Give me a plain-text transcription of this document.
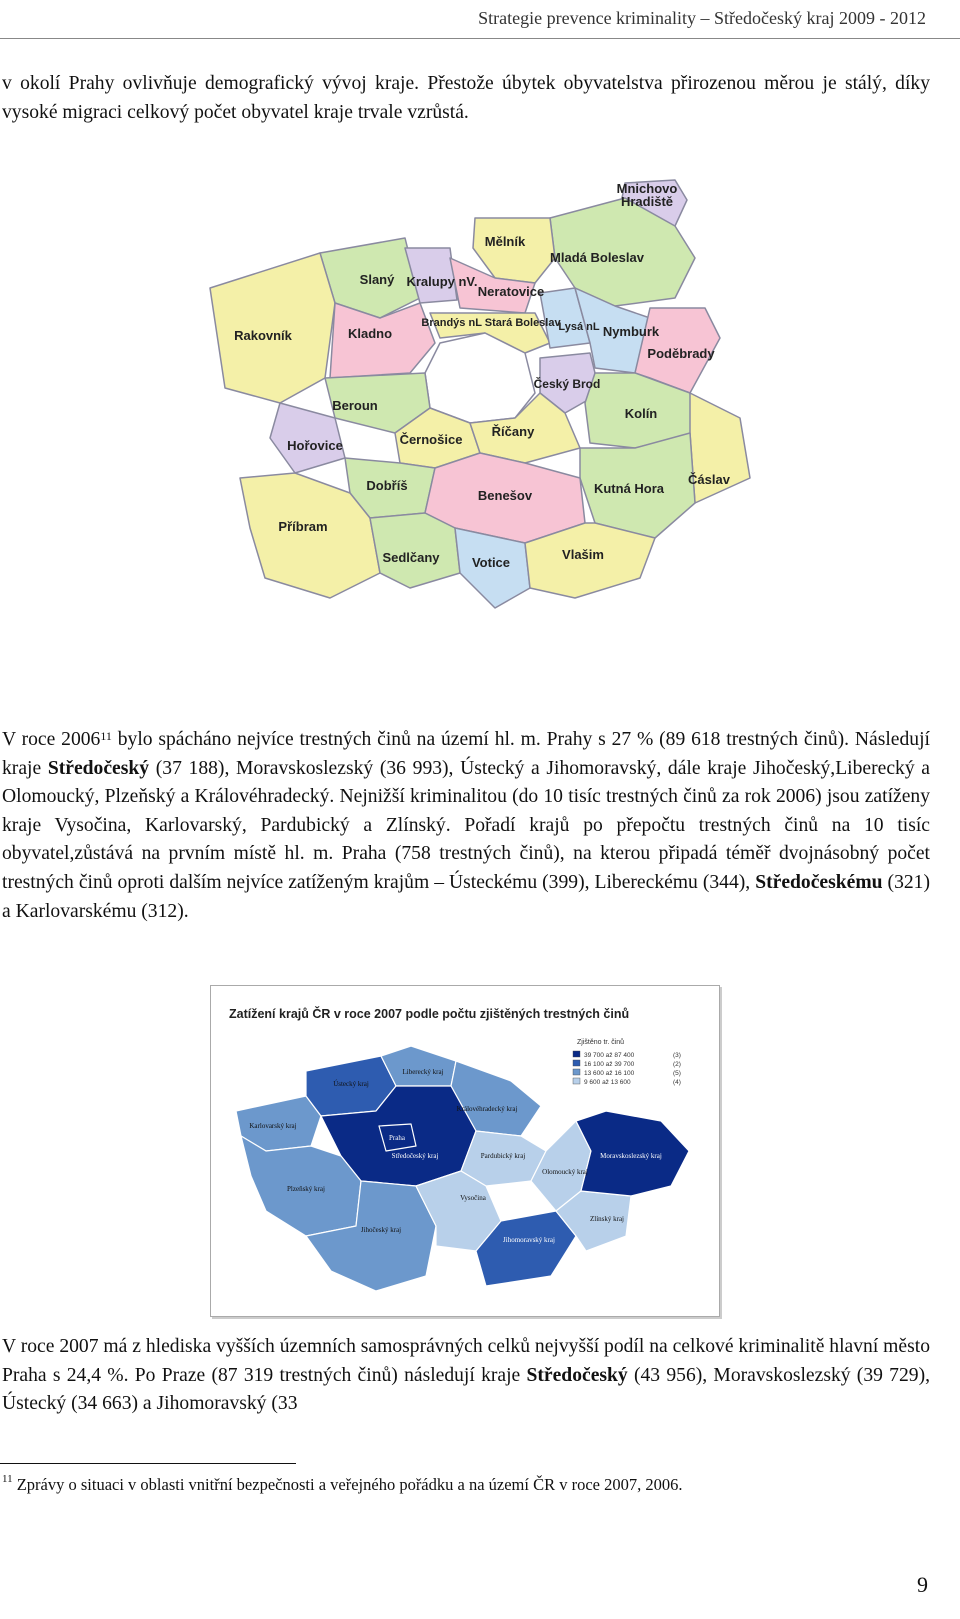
Strategie prevence kriminality – Středočeský kraj 2009 - 2012

v okolí Prahy ovlivňuje demografický vývoj kraje. Přestože úbytek obyvatelstva přirozenou měrou je stálý, díky vysoké migraci celkový počet obyvatel kraje trvale vzrůstá.

Mnichovo Hradiště
Mělník
Mladá Boleslav
Slaný Kralupy nV.
Neratovice
Rakovník	Kladno
Brandýs nL Stará Boleslav
Lysá nL Nymburk
Poděbrady
Český Brod
Beroun
Kolín
Hořovice	Černošice
Říčany
Čáslav
Dobříš
Benešov	Kutná Hora
Příbram
Sedlčany Votice
Vlašim

V roce 2006$^{11}$ bylo spácháno nejvíce trestných činů na území hl. m. Prahy s 27 % (89 618 trestných činů). Následují kraje Středočeský (37 188), Moravskoslezský (36 993), Ústecký a Jihomoravský, dále kraje Jihočeský,Liberecký a Olomoucký, Plzeňský a Královéhradecký. Nejnižší kriminalitou (do 10 tisíc trestných činů za rok 2006) jsou zatíženy kraje Vysočina, Karlovarský, Pardubický a Zlínský. Pořadí krajů po přepočtu trestných činů na 10 tisíc obyvatel,zůstává na prvním místě hl. m. Praha (758 trestných činů), na kterou připadá téměř dvojnásobný počet trestných činů oproti dalším nejvíce zatíženým krajům – Ústeckému (399), Libereckému (344), Středočeskému (321) a Karlovarskému (312).

Zatížení krajů ČR v roce 2007 podle počtu zjištěných trestných činů
Zjištěno tr. činů
39 700 až 87 400	(3)
16 100 až 39 700	(2)
13 600 až 16 100	(5)
9 600 až 13 600	(4)
Ústecký kraj
Liberecký kraj
Karlovarský kraj
Královéhradecký kraj
Praha
Středočeský kraj	Pardubický kraj	Moravskoslezský kraj
Plzeňský kraj
Vysočina
Olomoucký kraj
Jihočeský kraj
Jihomoravský kraj
Zlínský kraj

V roce 2007 má z hlediska vyšších územních samosprávných celků nejvyšší podíl na celkové kriminalitě hlavní město Praha s 24,4 %. Po Praze (87 319 trestných činů) následují kraje Středočeský (43 956), Moravskoslezský (39 729), Ústecký (34 663) a Jihomoravský (33

$^{11}$ Zprávy o situaci v oblasti vnitřní bezpečnosti a veřejného pořádku a na území ČR v roce 2007, 2006.
9
